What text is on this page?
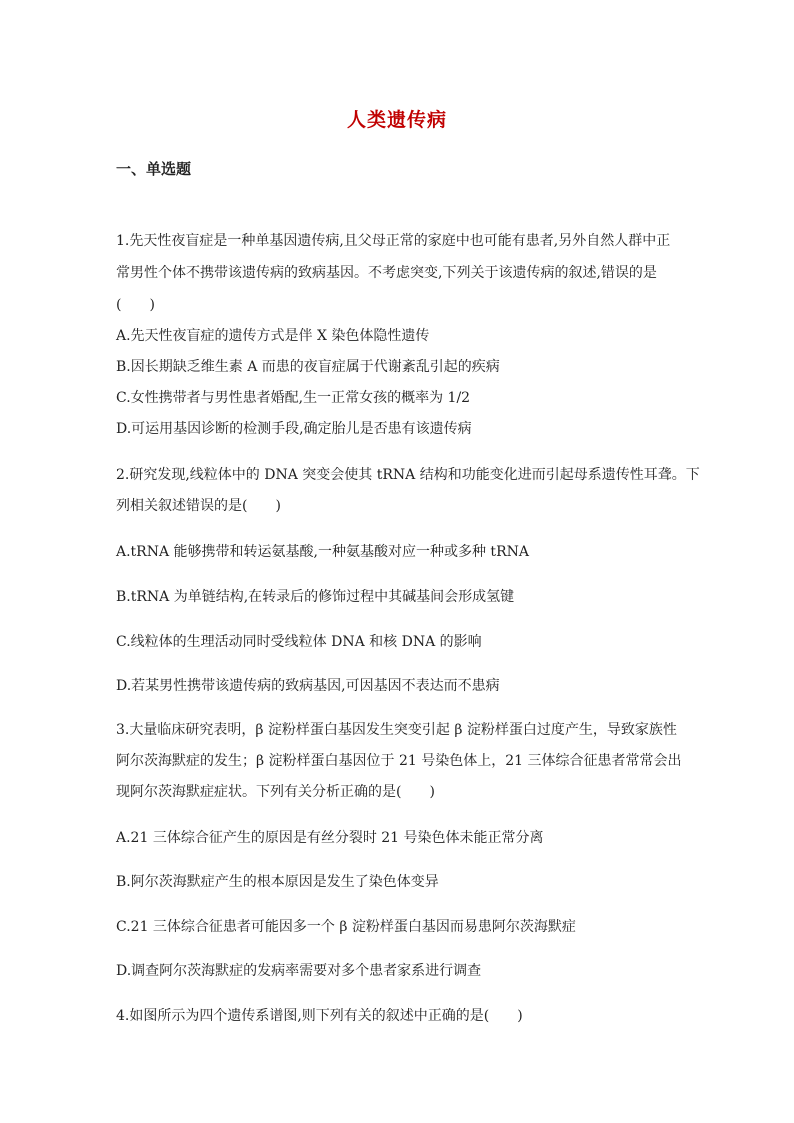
人类遗传病
一、单选题
1.先天性夜盲症是一种单基因遗传病,且父母正常的家庭中也可能有患者,另外自然人群中正
常男性个体不携带该遗传病的致病基因。不考虑突变,下列关于该遗传病的叙述,错误的是
(　　)
A.先天性夜盲症的遗传方式是伴 X 染色体隐性遗传
B.因长期缺乏维生素 A 而患的夜盲症属于代谢紊乱引起的疾病
C.女性携带者与男性患者婚配,生一正常女孩的概率为 1/2
D.可运用基因诊断的检测手段,确定胎儿是否患有该遗传病
2.研究发现,线粒体中的 DNA 突变会使其 tRNA 结构和功能变化进而引起母系遗传性耳聋。下
列相关叙述错误的是(　　)
A.tRNA 能够携带和转运氨基酸,一种氨基酸对应一种或多种 tRNA
B.tRNA 为单链结构,在转录后的修饰过程中其碱基间会形成氢键
C.线粒体的生理活动同时受线粒体 DNA 和核 DNA 的影响
D.若某男性携带该遗传病的致病基因,可因基因不表达而不患病
3.大量临床研究表明，β 淀粉样蛋白基因发生突变引起 β 淀粉样蛋白过度产生，导致家族性
阿尔茨海默症的发生；β 淀粉样蛋白基因位于 21 号染色体上，21 三体综合征患者常常会出
现阿尔茨海默症症状。下列有关分析正确的是(　　)
A.21 三体综合征产生的原因是有丝分裂时 21 号染色体未能正常分离
B.阿尔茨海默症产生的根本原因是发生了染色体变异
C.21 三体综合征患者可能因多一个 β 淀粉样蛋白基因而易患阿尔茨海默症
D.调查阿尔茨海默症的发病率需要对多个患者家系进行调查
4.如图所示为四个遗传系谱图,则下列有关的叙述中正确的是(　　)
